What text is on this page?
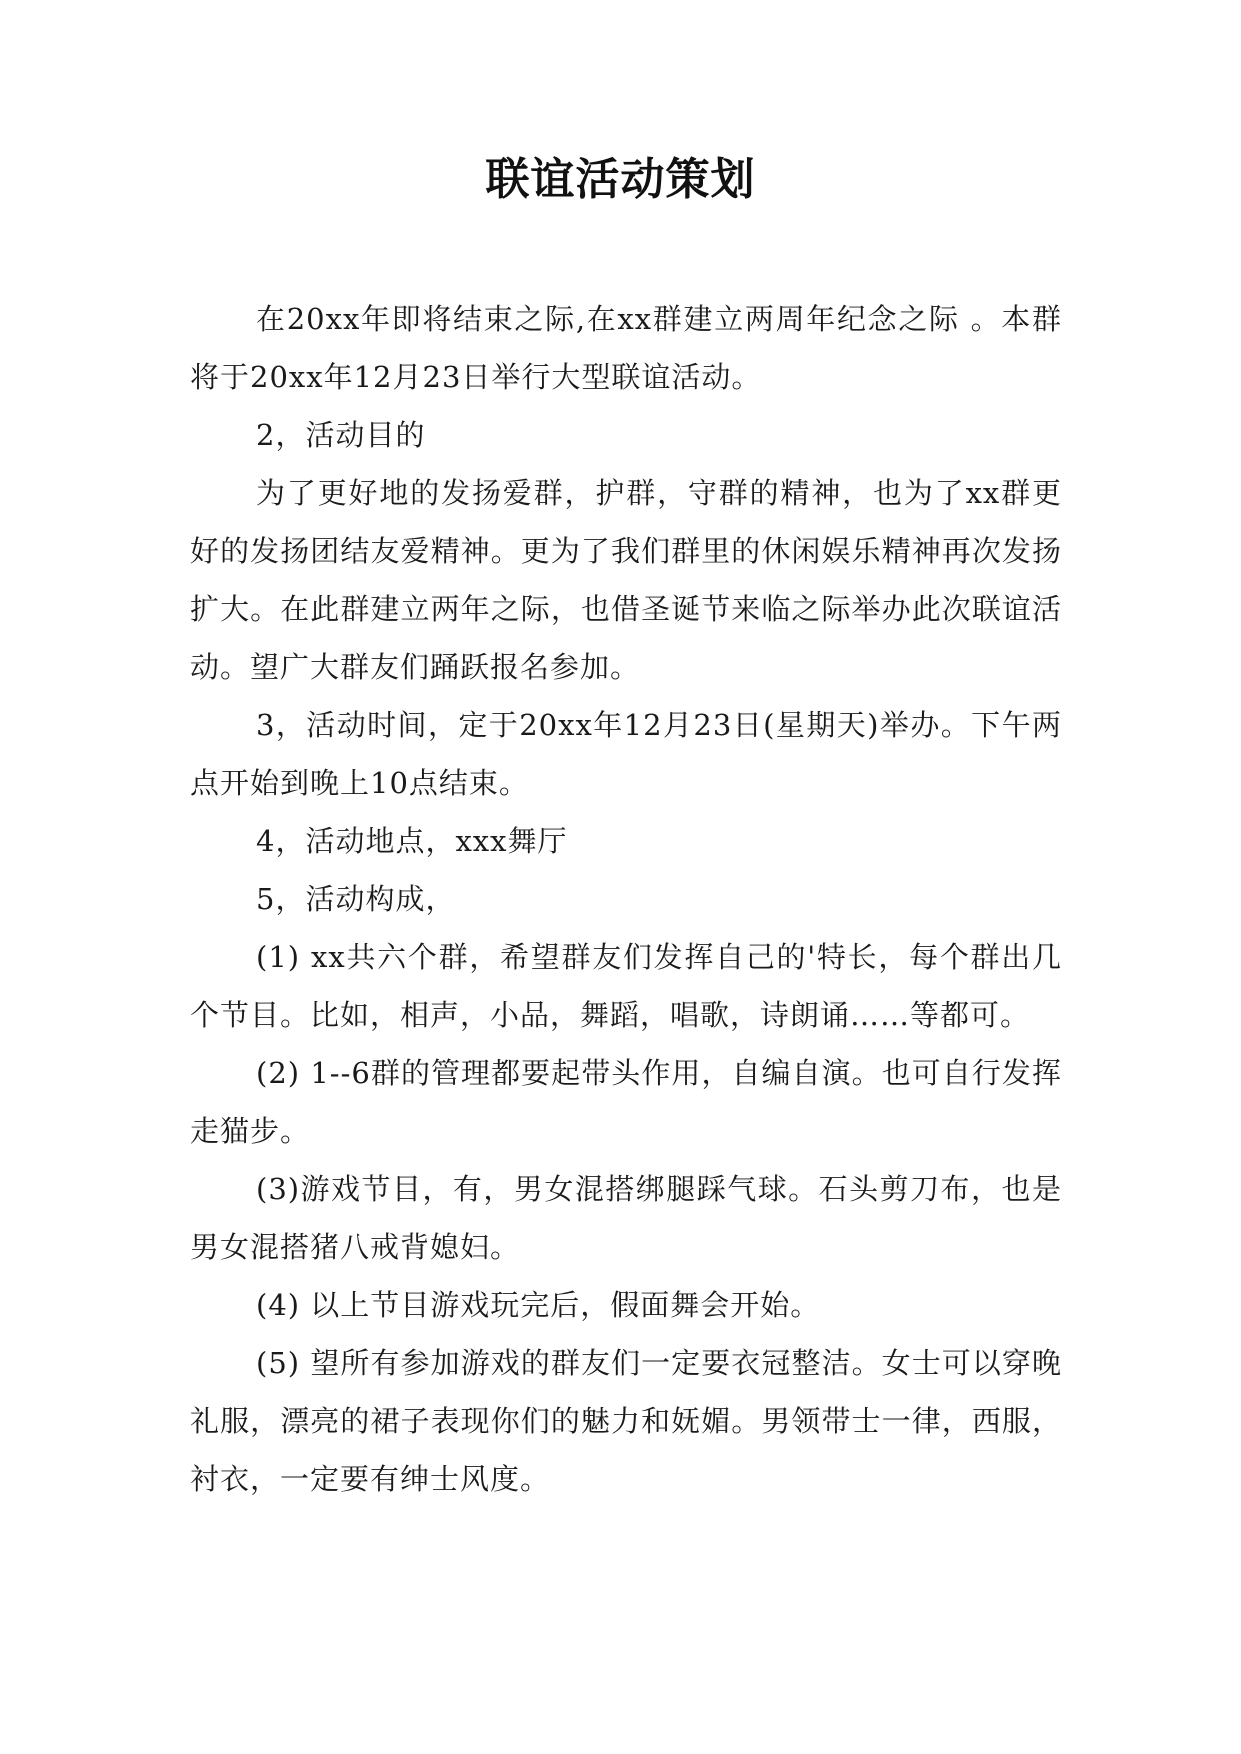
联谊活动策划

在20xx年即将结束之际,在xx群建立两周年纪念之际 。本群将于20xx年12月23日举行大型联谊活动。

2，活动目的

为了更好地的发扬爱群，护群，守群的精神，也为了xx群更好的发扬团结友爱精神。更为了我们群里的休闲娱乐精神再次发扬扩大。在此群建立两年之际，也借圣诞节来临之际举办此次联谊活动。望广大群友们踊跃报名参加。

3，活动时间，定于20xx年12月23日(星期天)举办。下午两点开始到晚上10点结束。

4，活动地点，xxx舞厅

5，活动构成，

(1) xx共六个群，希望群友们发挥自己的'特长，每个群出几个节目。比如，相声，小品，舞蹈，唱歌，诗朗诵……等都可。

(2) 1--6群的管理都要起带头作用，自编自演。也可自行发挥走猫步。

(3)游戏节目，有，男女混搭绑腿踩气球。石头剪刀布，也是男女混搭猪八戒背媳妇。

(4) 以上节目游戏玩完后，假面舞会开始。

(5) 望所有参加游戏的群友们一定要衣冠整洁。女士可以穿晚礼服，漂亮的裙子表现你们的魅力和妩媚。男领带士一律，西服，衬衣，一定要有绅士风度。
